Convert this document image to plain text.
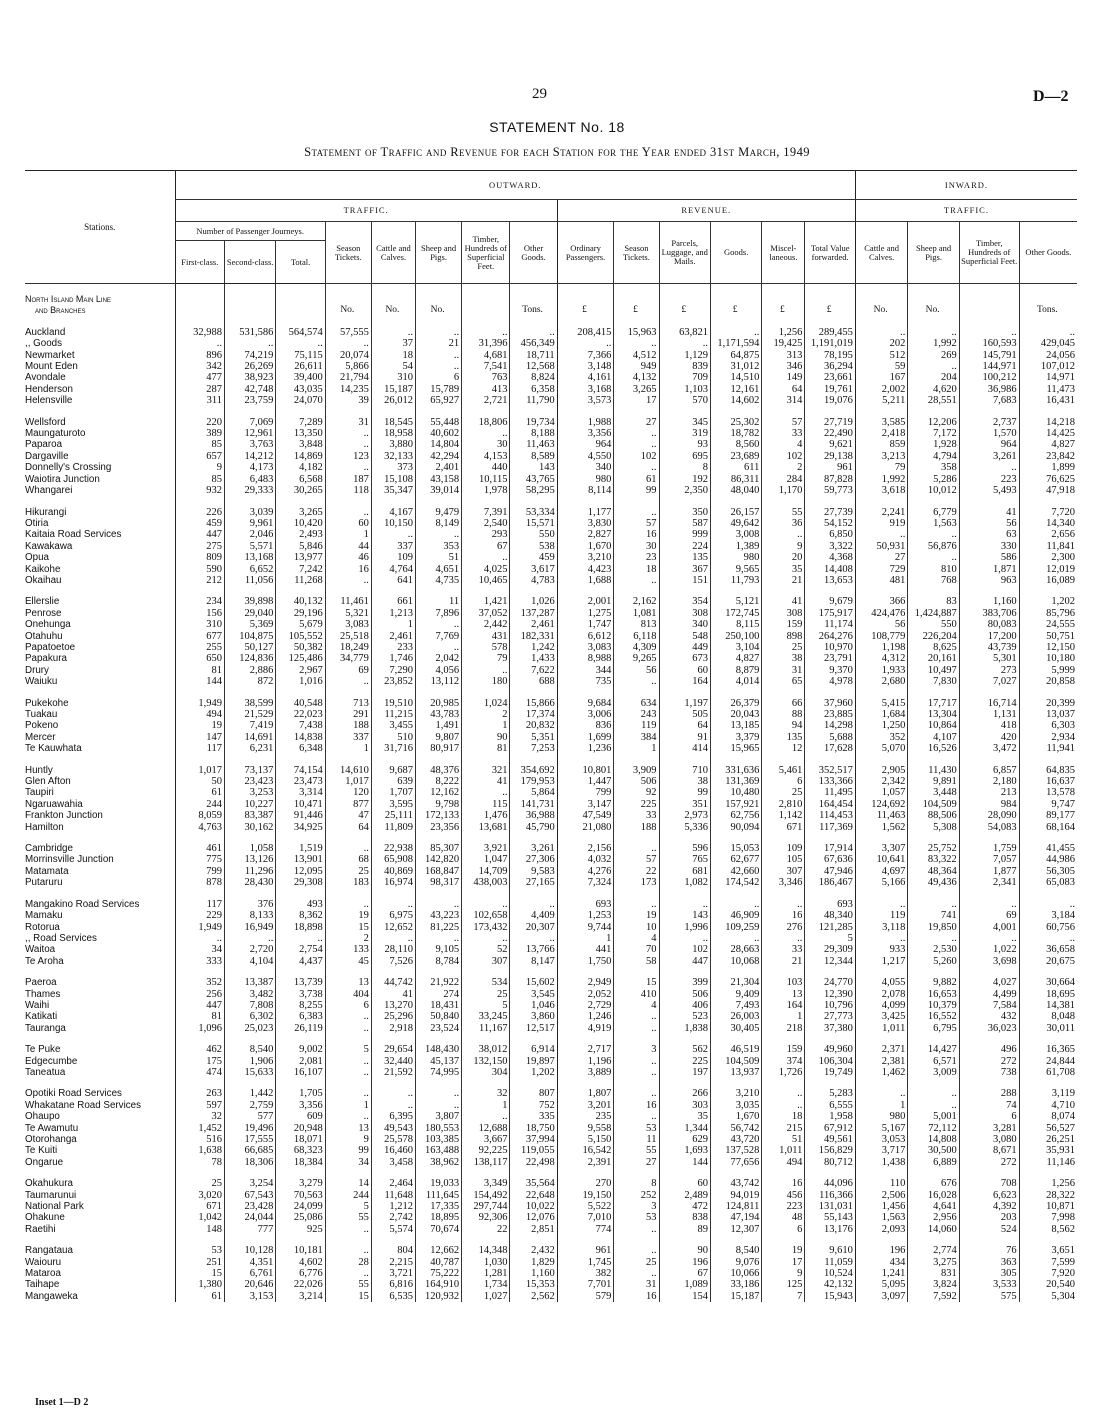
29	D—2
STATEMENT No. 18
Statement of Traffic and Revenue for each Station for the Year ended 31st March, 1949
Stations.	OUTWARD.														INWARD.			
	TRAFFIC.								REVENUE.						TRAFFIC.			
	Number of Passenger Journeys.			Season Tickets.	Cattle and Calves.	Sheep and Pigs.	Timber, Hundreds of Superficial Feet.	Other Goods.	Ordinary Passengers.	Season Tickets.	Parcels, Luggage, and Mails.	Goods.	Miscel-laneous.	Total Value forwarded.	Cattle and Calves.	Sheep and Pigs.	Timber, Hundreds of Superficial Feet.	Other Goods.
	First-class.	Second-class.	Total.															

North Island Main Line																		
and Branches				No.	No.	No.		Tons.	£	£	£	£	£	£	No.	No.		Tons.

Auckland	32,988	531,586	564,574	57,555	..	..	..	..	208,415	15,963	63,821	..	1,256	289,455	..	..	..	..
,, Goods	..	..	..	..	37	21	31,396	456,349	..	..	..	1,171,594	19,425	1,191,019	202	1,992	160,593	429,045
Newmarket	896	74,219	75,115	20,074	18	..	4,681	18,711	7,366	4,512	1,129	64,875	313	78,195	512	269	145,791	24,056
Mount Eden	342	26,269	26,611	5,866	54	..	7,541	12,568	3,148	949	839	31,012	346	36,294	59	..	144,971	107,012
Avondale	477	38,923	39,400	21,794	310	6	763	8,824	4,161	4,132	709	14,510	149	23,661	167	204	100,212	14,971
Henderson	287	42,748	43,035	14,235	15,187	15,789	413	6,358	3,168	3,265	1,103	12,161	64	19,761	2,002	4,620	36,986	11,473
Helensville	311	23,759	24,070	39	26,012	65,927	2,721	11,790	3,573	17	570	14,602	314	19,076	5,211	28,551	7,683	16,431

Wellsford	220	7,069	7,289	31	18,545	55,448	18,806	19,734	1,988	27	345	25,302	57	27,719	3,585	12,206	2,737	14,218
Maungaturoto	389	12,961	13,350	..	18,958	40,602	..	8,188	3,356	..	319	18,782	33	22,490	2,418	7,172	1,570	14,425
Paparoa	85	3,763	3,848	..	3,880	14,804	30	11,463	964	..	93	8,560	4	9,621	859	1,928	964	4,827
Dargaville	657	14,212	14,869	123	32,133	42,294	4,153	8,589	4,550	102	695	23,689	102	29,138	3,213	4,794	3,261	23,842
Donnelly's Crossing	9	4,173	4,182	..	373	2,401	440	143	340	..	8	611	2	961	79	358	..	1,899
Waiotira Junction	85	6,483	6,568	187	15,108	43,158	10,115	43,765	980	61	192	86,311	284	87,828	1,992	5,286	223	76,625
Whangarei	932	29,333	30,265	118	35,347	39,014	1,978	58,295	8,114	99	2,350	48,040	1,170	59,773	3,618	10,012	5,493	47,918

Hikurangi	226	3,039	3,265	..	4,167	9,479	7,391	53,334	1,177	..	350	26,157	55	27,739	2,241	6,779	41	7,720
Otiria	459	9,961	10,420	60	10,150	8,149	2,540	15,571	3,830	57	587	49,642	36	54,152	919	1,563	56	14,340
Kaitaia Road Services	447	2,046	2,493	1	..	..	293	550	2,827	16	999	3,008	..	6,850	..	..	63	2,656
Kawakawa	275	5,571	5,846	44	337	353	67	538	1,670	30	224	1,389	9	3,322	50,931	56,876	330	11,841
Opua	809	13,168	13,977	46	109	51	..	459	3,210	23	135	980	20	4,368	27	..	586	2,300
Kaikohe	590	6,652	7,242	16	4,764	4,651	4,025	3,617	4,423	18	367	9,565	35	14,408	729	810	1,871	12,019
Okaihau	212	11,056	11,268	..	641	4,735	10,465	4,783	1,688	..	151	11,793	21	13,653	481	768	963	16,089

Ellerslie	234	39,898	40,132	11,461	661	11	1,421	1,026	2,001	2,162	354	5,121	41	9,679	366	83	1,160	1,202
Penrose	156	29,040	29,196	5,321	1,213	7,896	37,052	137,287	1,275	1,081	308	172,745	308	175,917	424,476	1,424,887	383,706	85,796
Onehunga	310	5,369	5,679	3,083	1	..	2,442	2,461	1,747	813	340	8,115	159	11,174	56	550	80,083	24,555
Otahuhu	677	104,875	105,552	25,518	2,461	7,769	431	182,331	6,612	6,118	548	250,100	898	264,276	108,779	226,204	17,200	50,751
Papatoetoe	255	50,127	50,382	18,249	233	..	578	1,242	3,083	4,309	449	3,104	25	10,970	1,198	8,625	43,739	12,150
Papakura	650	124,836	125,486	34,779	1,746	2,042	79	1,433	8,988	9,265	673	4,827	38	23,791	4,312	20,161	5,301	10,180
Drury	81	2,886	2,967	69	7,290	4,056	..	7,622	344	56	60	8,879	31	9,370	1,933	10,497	273	5,999
Waiuku	144	872	1,016	..	23,852	13,112	180	688	735	..	164	4,014	65	4,978	2,680	7,830	7,027	20,858

Pukekohe	1,949	38,599	40,548	713	19,510	20,985	1,024	15,866	9,684	634	1,197	26,379	66	37,960	5,415	17,717	16,714	20,399
Tuakau	494	21,529	22,023	291	11,215	43,783	2	17,374	3,006	243	505	20,043	88	23,885	1,684	13,304	1,131	13,037
Pokeno	19	7,419	7,438	188	3,455	1,491	1	20,832	836	119	64	13,185	94	14,298	1,250	10,864	418	6,303
Mercer	147	14,691	14,838	337	510	9,807	90	5,351	1,699	384	91	3,379	135	5,688	352	4,107	420	2,934
Te Kauwhata	117	6,231	6,348	1	31,716	80,917	81	7,253	1,236	1	414	15,965	12	17,628	5,070	16,526	3,472	11,941

Huntly	1,017	73,137	74,154	14,610	9,687	48,376	321	354,692	10,801	3,909	710	331,636	5,461	352,517	2,905	11,430	6,857	64,835
Glen Afton	50	23,423	23,473	1,017	639	8,222	41	179,953	1,447	506	38	131,369	6	133,366	2,342	9,891	2,180	16,637
Taupiri	61	3,253	3,314	120	1,707	12,162	..	5,864	799	92	99	10,480	25	11,495	1,057	3,448	213	13,578
Ngaruawahia	244	10,227	10,471	877	3,595	9,798	115	141,731	3,147	225	351	157,921	2,810	164,454	124,692	104,509	984	9,747
Frankton Junction	8,059	83,387	91,446	47	25,111	172,133	1,476	36,988	47,549	33	2,973	62,756	1,142	114,453	11,463	88,506	28,090	89,177
Hamilton	4,763	30,162	34,925	64	11,809	23,356	13,681	45,790	21,080	188	5,336	90,094	671	117,369	1,562	5,308	54,083	68,164

Cambridge	461	1,058	1,519	..	22,938	85,307	3,921	3,261	2,156	..	596	15,053	109	17,914	3,307	25,752	1,759	41,455
Morrinsville Junction	775	13,126	13,901	68	65,908	142,820	1,047	27,306	4,032	57	765	62,677	105	67,636	10,641	83,322	7,057	44,986
Matamata	799	11,296	12,095	25	40,869	168,847	14,709	9,583	4,276	22	681	42,660	307	47,946	4,697	48,364	1,877	56,305
Putaruru	878	28,430	29,308	183	16,974	98,317	438,003	27,165	7,324	173	1,082	174,542	3,346	186,467	5,166	49,436	2,341	65,083

Mangakino Road Services	117	376	493	..	..	..	..	..	693	..	..	..	..	693	..	..	..	..
Mamaku	229	8,133	8,362	19	6,975	43,223	102,658	4,409	1,253	19	143	46,909	16	48,340	119	741	69	3,184
Rotorua	1,949	16,949	18,898	15	12,652	81,225	173,432	20,307	9,744	10	1,996	109,259	276	121,285	3,118	19,850	4,001	60,756
,, Road Services	..	..	..	2	..	..	..	..	1	4	..	..	..	5	..	..	..	..
Waitoa	34	2,720	2,754	133	28,110	9,105	52	13,766	441	70	102	28,663	33	29,309	933	2,530	1,022	36,658
Te Aroha	333	4,104	4,437	45	7,526	8,784	307	8,147	1,750	58	447	10,068	21	12,344	1,217	5,260	3,698	20,675

Paeroa	352	13,387	13,739	13	44,742	21,922	534	15,602	2,949	15	399	21,304	103	24,770	4,055	9,882	4,027	30,664
Thames	256	3,482	3,738	404	41	274	25	3,545	2,052	410	506	9,409	13	12,390	2,078	16,653	4,499	18,695
Waihi	447	7,808	8,255	6	13,270	18,431	5	1,046	2,729	4	406	7,493	164	10,796	4,099	10,379	7,584	14,381
Katikati	81	6,302	6,383	..	25,296	50,840	33,245	3,860	1,246	..	523	26,003	1	27,773	3,425	16,552	432	8,048
Tauranga	1,096	25,023	26,119	..	2,918	23,524	11,167	12,517	4,919	..	1,838	30,405	218	37,380	1,011	6,795	36,023	30,011

Te Puke	462	8,540	9,002	5	29,654	148,430	38,012	6,914	2,717	3	562	46,519	159	49,960	2,371	14,427	496	16,365
Edgecumbe	175	1,906	2,081	..	32,440	45,137	132,150	19,897	1,196	..	225	104,509	374	106,304	2,381	6,571	272	24,844
Taneatua	474	15,633	16,107	..	21,592	74,995	304	1,202	3,889	..	197	13,937	1,726	19,749	1,462	3,009	738	61,708

Opotiki Road Services	263	1,442	1,705	..	..	..	32	807	1,807	..	266	3,210	..	5,283	..	..	288	3,119
Whakatane Road Services	597	2,759	3,356	1	..	..	1	752	3,201	16	303	3,035	..	6,555	1	..	74	4,710
Ohaupo	32	577	609	..	6,395	3,807	..	335	235	..	35	1,670	18	1,958	980	5,001	6	8,074
Te Awamutu	1,452	19,496	20,948	13	49,543	180,553	12,688	18,750	9,558	53	1,344	56,742	215	67,912	5,167	72,112	3,281	56,527
Otorohanga	516	17,555	18,071	9	25,578	103,385	3,667	37,994	5,150	11	629	43,720	51	49,561	3,053	14,808	3,080	26,251
Te Kuiti	1,638	66,685	68,323	99	16,460	163,488	92,225	119,055	16,542	55	1,693	137,528	1,011	156,829	3,717	30,500	8,671	35,931
Ongarue	78	18,306	18,384	34	3,458	38,962	138,117	22,498	2,391	27	144	77,656	494	80,712	1,438	6,889	272	11,146

Okahukura	25	3,254	3,279	14	2,464	19,033	3,349	35,564	270	8	60	43,742	16	44,096	110	676	708	1,256
Taumarunui	3,020	67,543	70,563	244	11,648	111,645	154,492	22,648	19,150	252	2,489	94,019	456	116,366	2,506	16,028	6,623	28,322
National Park	671	23,428	24,099	5	1,212	17,335	297,744	10,022	5,522	3	472	124,811	223	131,031	1,456	4,641	4,392	10,871
Ohakune	1,042	24,044	25,086	55	2,742	18,895	92,306	12,076	7,010	53	838	47,194	48	55,143	1,563	2,956	203	7,998
Raetihi	148	777	925	..	5,574	70,674	22	2,851	774	..	89	12,307	6	13,176	2,093	14,060	524	8,562

Rangataua	53	10,128	10,181	..	804	12,662	14,348	2,432	961	..	90	8,540	19	9,610	196	2,774	76	3,651
Waiouru	251	4,351	4,602	28	2,215	40,787	1,030	1,829	1,745	25	196	9,076	17	11,059	434	3,275	363	7,599
Mataroa	15	6,761	6,776	..	3,721	75,222	1,281	1,160	382	..	67	10,066	9	10,524	1,241	831	305	7,920
Taihape	1,380	20,646	22,026	55	6,816	164,910	1,734	15,353	7,701	31	1,089	33,186	125	42,132	5,095	3,824	3,533	20,540
Mangaweka	61	3,153	3,214	15	6,535	120,932	1,027	2,562	579	16	154	15,187	7	15,943	3,097	7,592	575	5,304
Inset 1—D 2
